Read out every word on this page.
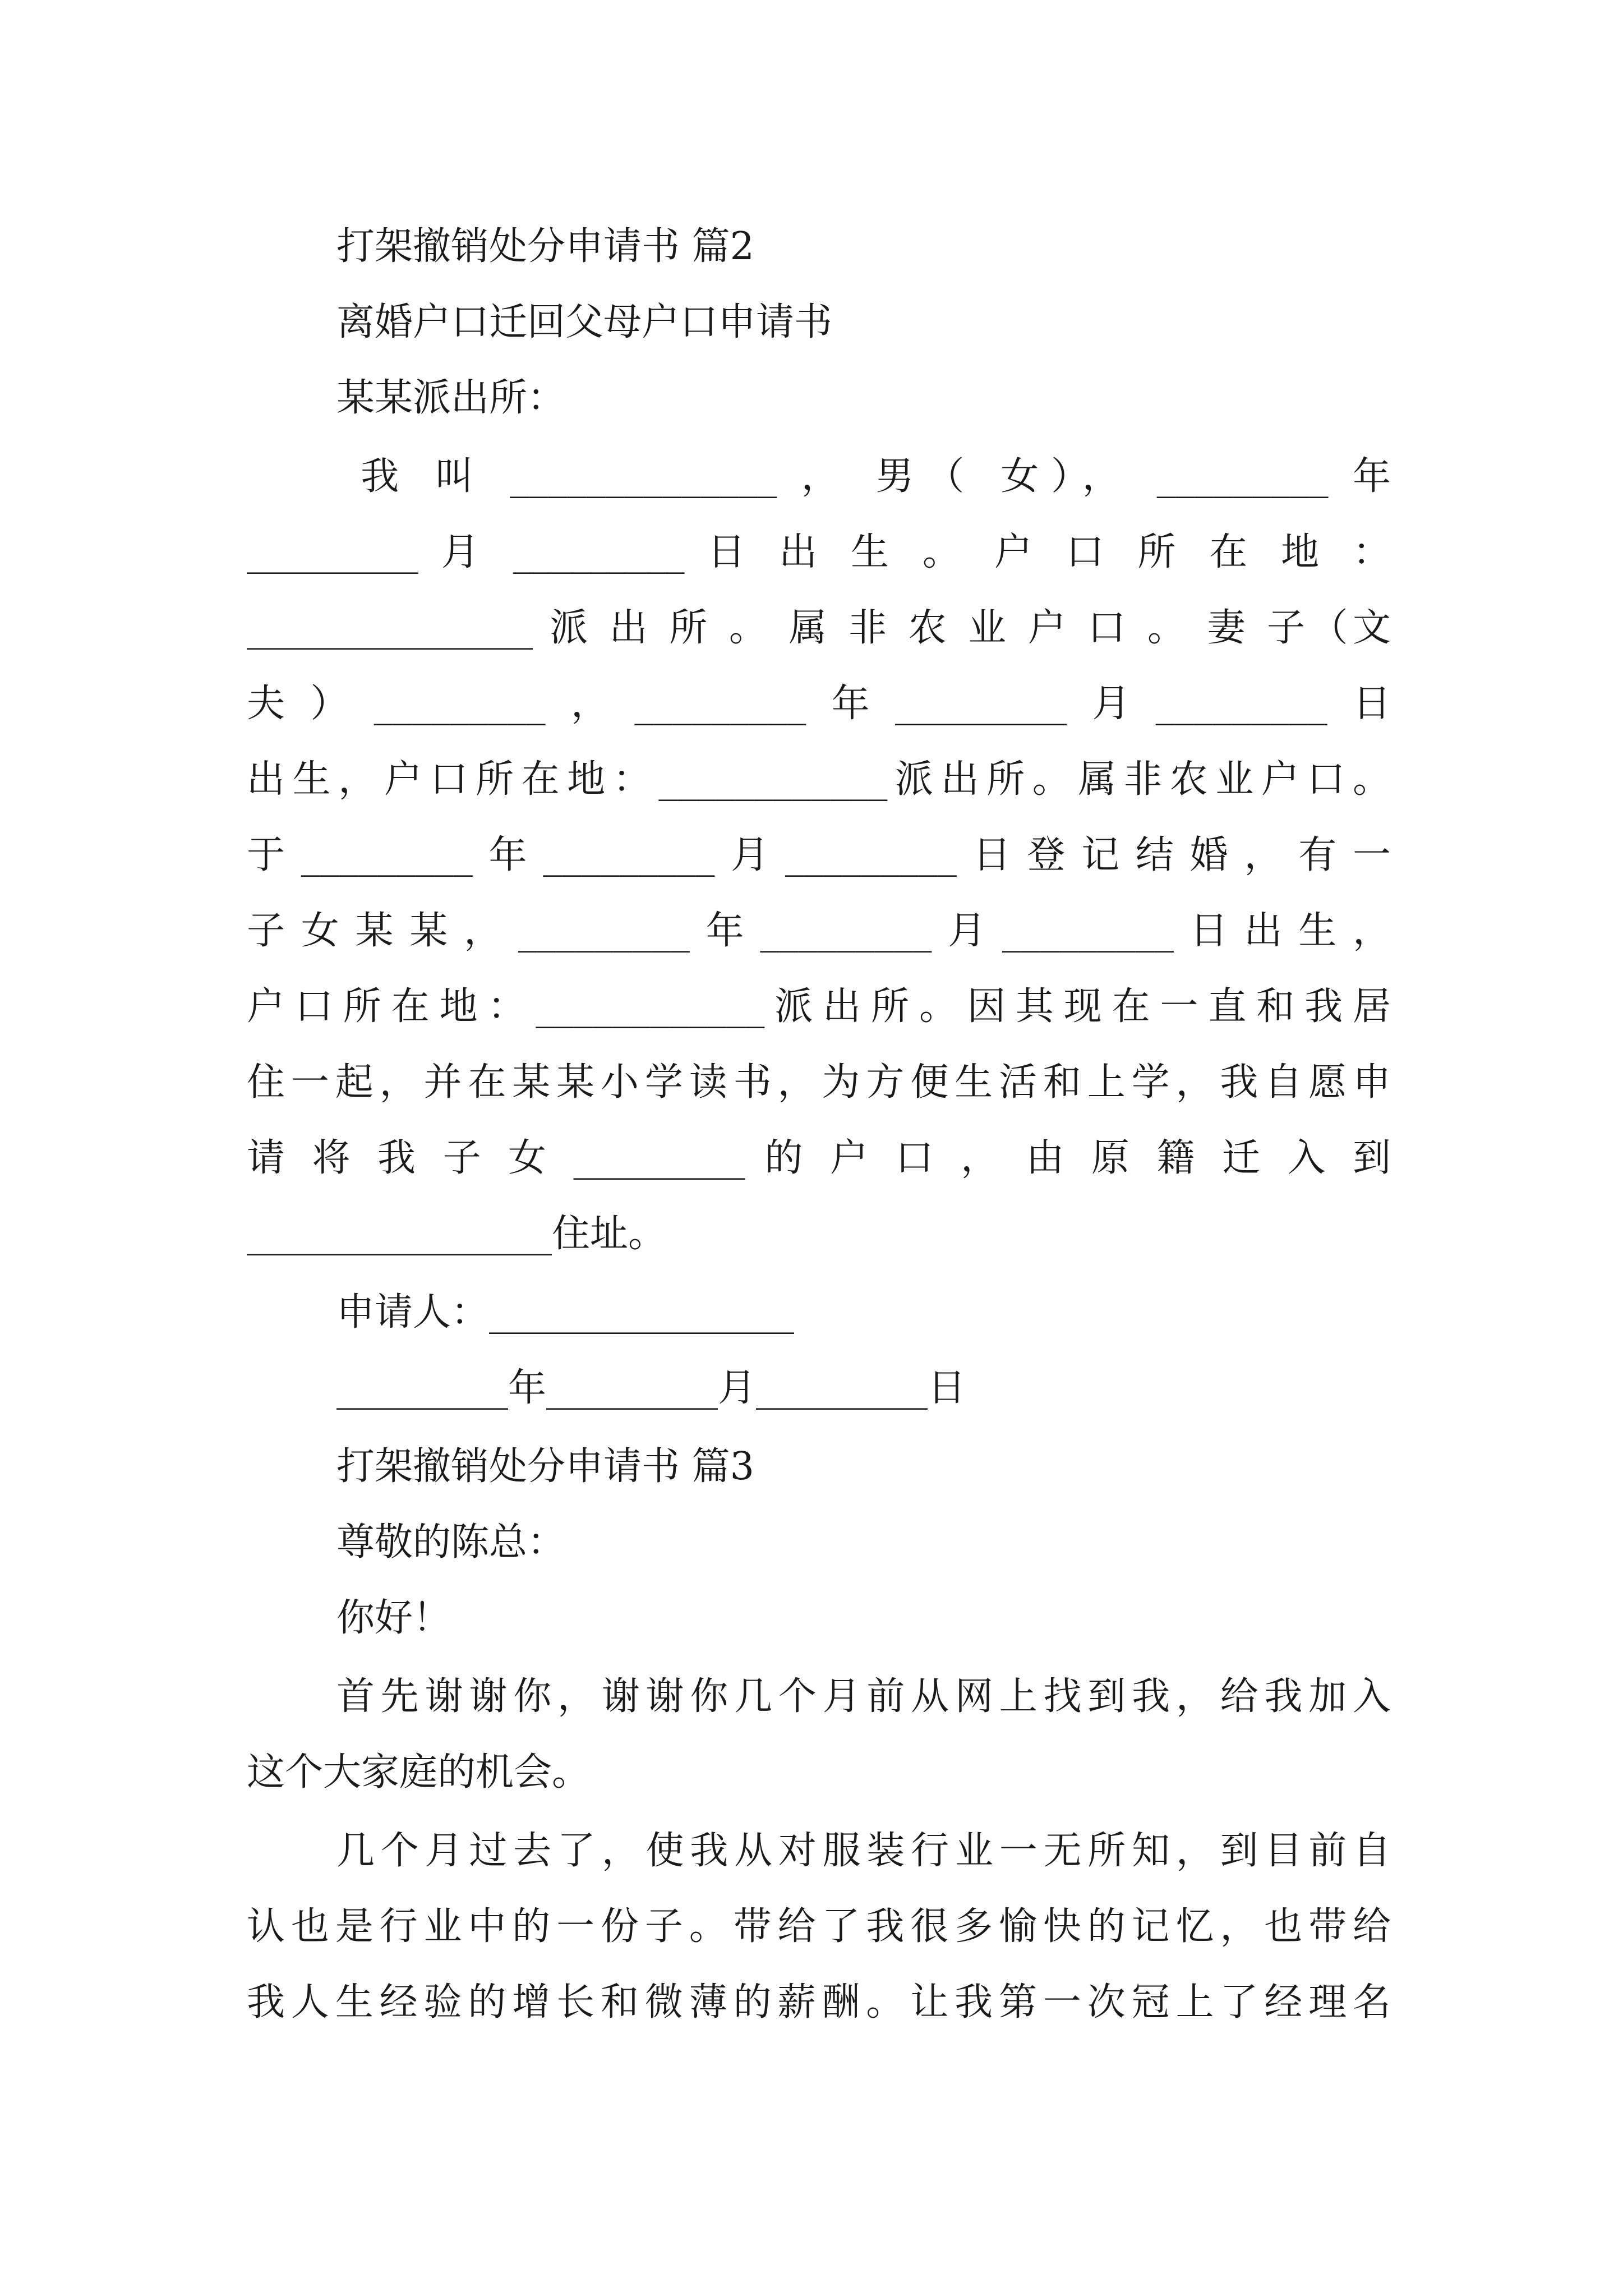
打架撤销处分申请书 篇2

离婚户口迁回父母户口申请书

某某派出所：

我 叫 ______________ ， 男（ 女）， _________ 年

_________ 月 _________ 日 出 生 。 户 口 所 在 地 ：

_______________ 派 出 所 。 属 非 农 业 户 口 。 妻 子（文

夫）_________，_________年_________月_________日

出生，户口所在地：____________派出所。属非农业户口。

于_________年_________月_________日登记结婚，有一

子女某某，_________年_________月_________日出生，

户口所在地：____________派出所。因其现在一直和我居

住一起，并在某某小学读书，为方便生活和上学，我自愿申

请 将 我 子 女 _________ 的 户 口 ， 由 原 籍 迁 入 到

________________住址。

申请人：________________

_________年_________月_________日

打架撤销处分申请书 篇3

尊敬的陈总：

你好！

首先谢谢你，谢谢你几个月前从网上找到我，给我加入

这个大家庭的机会。

几个月过去了，使我从对服装行业一无所知，到目前自

认也是行业中的一份子。带给了我很多愉快的记忆，也带给

我人生经验的增长和微薄的薪酬。让我第一次冠上了经理名
